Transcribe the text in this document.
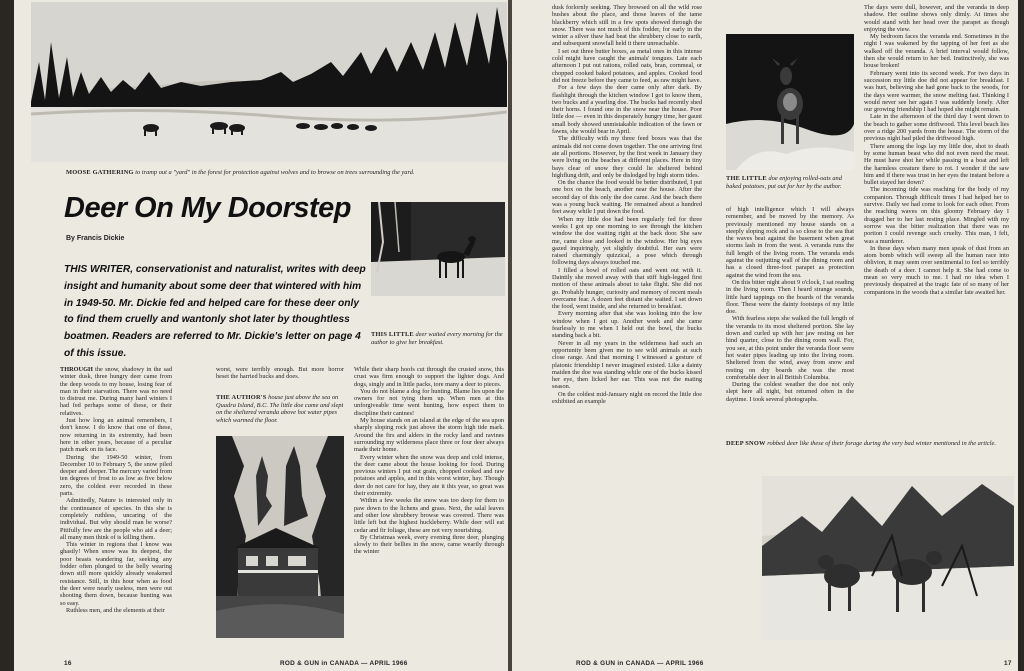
MOOSE GATHERING to tramp out a "yard" in the forest for protection against wolves and to browse on trees surrounding the yard.
Deer On My Doorstep
By Francis Dickie
THIS WRITER, conservationist and naturalist, writes with deep insight and humanity about some deer that wintered with him in 1949-50. Mr. Dickie fed and helped care for these deer only to find them cruelly and wantonly shot later by thoughtless boatmen. Readers are referred to Mr. Dickie's letter on page 4 of this issue.
THIS LITTLE deer waited every morning for the author to give her breakfast.

THROUGH the snow, shadowy in the sad winter dusk, three hungry deer came from the deep woods to my house, losing fear of man in their starvation. There was no need to distrust me. During many hard winters I had fed perhaps some of these, or their relatives.

Just how long an animal remembers, I don't know. I do know that one of these, now returning in its extremity, had been here in other years, because of a peculiar patch mark on its face.

During the 1949-50 winter, from December 10 to February 5, the snow piled deeper and deeper. The mercury varied from ten degrees of frost to as low as five below zero, the coldest ever recorded in these parts.

Admittedly, Nature is interested only in the continuance of species. In this she is completely ruthless, uncaring of the individual. But why should man be worse? Pitifully few are the people who aid a deer; all many men think of is killing them.

This winter in regions that I know was ghastly! When snow was its deepest, the poor beasts wandering far, seeking any fodder often plunged to the belly wearing down still more quickly already weakened resistance. Still, in this hour when as food the deer were nearly useless, men were out shooting them down, because hunting was so easy.

Ruthless men, and the elements at their

worst, were terribly enough. But more horror beset the harried bucks and does.

THE AUTHOR'S house just above the sea on Quadra Island, B.C. The little doe came and slept on the sheltered veranda above hot water pipes which warmed the floor.

While their sharp hoofs cut through the crusted snow, this crust was firm enough to support the lighter dogs. And dogs, singly and in little packs, tore many a deer to pieces.

You do not blame a dog for hunting. Blame lies upon the owners for not tying them up. When men at this unforgiveable time went hunting, how expect them to discipline their canines!

My house stands on an island at the edge of the sea upon sharply sloping rock just above the storm high tide mark. Around the firs and alders in the rocky land and ravines surrounding my wilderness place three or four deer always made their home.

Every winter when the snow was deep and cold intense, the deer came about the house looking for food. During previous winters I put out grain, chopped cooked and raw potatoes and apples, and in this worst winter, hay. Though deer do not care for hay, they ate it this year, so great was their extremity.

Within a few weeks the snow was too deep for them to paw down to the lichens and grass. Next, the salal leaves and other low shrubbery browse was covered. There was little left but the highest huckleberry. While deer will eat cedar and fir foliage, these are not very nourishing.

By Christmas week, every evening three deer, plunging slowly to their bellies in the snow, came wearily through the winter

16	ROD & GUN in CANADA — APRIL 1966

dusk forlornly seeking. They browsed on all the wild rose bushes about the place, and those leaves of the tame blackberry which still in a few spots showed through the snow. There was not much of this fodder, for early in the winter a silver thaw had beat the shrubbery close to earth, and subsequent snowfall held it there unreachable.

I set out three butter boxes, as metal ones in this intense cold might have caught the animals' tongues. Late each afternoon I put out rations, rolled oats, bran, cornmeal, or chopped cooked baked potatoes, and apples. Cooked food did not freeze before they came to feed, as raw might have.

For a few days the deer came only after dark. By flashlight through the kitchen window I got to know them, two bucks and a yearling doe. The bucks had recently shed their horns. I found one in the snow near the house. Poor little doe — even in this desperately hungry time, her gaunt small body showed unmistakable indication of the fawn or fawns, she would bear in April.

The difficulty with my three feed boxes was that the animals did not come down together. The one arriving first ate all portions. However, by the first week in January they were living on the beaches at different places. Here in tiny bays clear of snow they could lie sheltered behind highflung drift, and only be dislodged by high storm tides.

On the chance the food would be better distributed, I put one box on the beach, another near the house. After the second day of this only the doe came. And the beach there was a young buck waiting. He remained about a hundred feet away while I put down the food.

When my little doe had been regularly fed for three weeks I got up one morning to see through the kitchen window the doe waiting right at the back door. She saw me, came close and looked in the window. Her big eyes gazed inquiringly, yet slightly doubtful. Her ears were raised charmingly quizzical, a pose which through following days always touched me.

I filled a bowl of rolled oats and went out with it. Daintily she moved away with that stiff high-legged first motion of these animals about to take flight. She did not go. Probably hunger, curiosity and memory of recent meals overcame fear. A dozen feet distant she waited. I set down the food, went inside, and she returned to breakfast.

Every morning after that she was looking into the low window when I got up. Another week and she came fearlessly to me when I held out the bowl, the bucks standing back a bit.

Never in all my years in the wilderness had such an opportunity been given me to see wild animals at such close range. And that morning I witnessed a gesture of platonic friendship I never imagined existed. Like a dainty maiden the doe was standing while one of the bucks kissed her eye, then licked her ear. This was not the mating season.

On the coldest mid-January night on record the little doe exhibited an example

THE LITTLE doe enjoying rolled-oats and baked potatoes, put out for her by the author.

of high intelligence which I will always remember, and be moved by the memory. As previously mentioned my house stands on a steeply sloping rock and is so close to the sea that the waves beat against the basement when great storms lash in from the west. A veranda runs the full length of the living room. The veranda ends against the outjutting wall of the dining room and has a closed three-foot parapet as protection against the wind from the sea.

On this bitter night about 9 o'clock, I sat reading in the living room. Then I heard strange sounds, little hard tappings on the boards of the veranda floor. These were the dainty footsteps of my little doe.

With fearless steps she walked the full length of the veranda to its most sheltered portion. She lay down and curled up with her jaw resting on her hind quarter, close to the dining room wall. For, you see, at this point under the veranda floor were hot water pipes leading up into the living room. Sheltered from the wind, away from snow and resting on dry boards she was the most comfortable deer in all British Columbia.

During the coldest weather the doe not only slept here all night, but returned often in the daytime. I took several photographs.

The days were dull, however, and the veranda in deep shadow. Her outline shows only dimly. At times she would stand with her head over the parapet as though enjoying the view.

My bedroom faces the veranda end. Sometimes in the night I was wakened by the tapping of her feet as she walked off the veranda. A brief interval would follow, then she would return to her bed. Instinctively, she was house broken!

February went into its second week. For two days in succession my little doe did not appear for breakfast. I was hurt, believing she had gone back to the woods, for the days were warmer, the snow melting fast. Thinking I would never see her again I was suddenly lonely. After our growing friendship I had hoped she might remain.

Late in the afternoon of the third day I went down to the beach to gather some driftwood. This level beach lies over a ridge 200 yards from the house. The storm of the previous night had piled the driftwood high.

There among the logs lay my little doe, shot to death by some human beast who did not even need the meat. He must have shot her while passing in a boat and left the harmless creature there to rot. I wonder if the saw him and if there was trust in her eyes the instant before a bullet stayed her down?

The incoming tide was reaching for the body of my companion. Through difficult times I had helped her to survive. Daily we had come to look for each other. From the reaching waves on this gloomy February day I dragged her to her last resting place. Mingled with my sorrow was the bitter realization that there was no portion I could revenge such cruelty. This man, I felt, was a murderer.

In these days when many men speak of dust from an atom bomb which will sweep all the human race into oblivion, it may seem over sentimental to feel so terribly the death of a deer. I cannot help it. She had come to mean so very much to me. I had no idea when I previously despaired at the tragic fate of so many of her companions in the woods that a similar fate awaited her.

DEEP SNOW robbed deer like these of their forage during the very bad winter mentioned in the article.
ROD & GUN in CANADA — APRIL 1966	17
